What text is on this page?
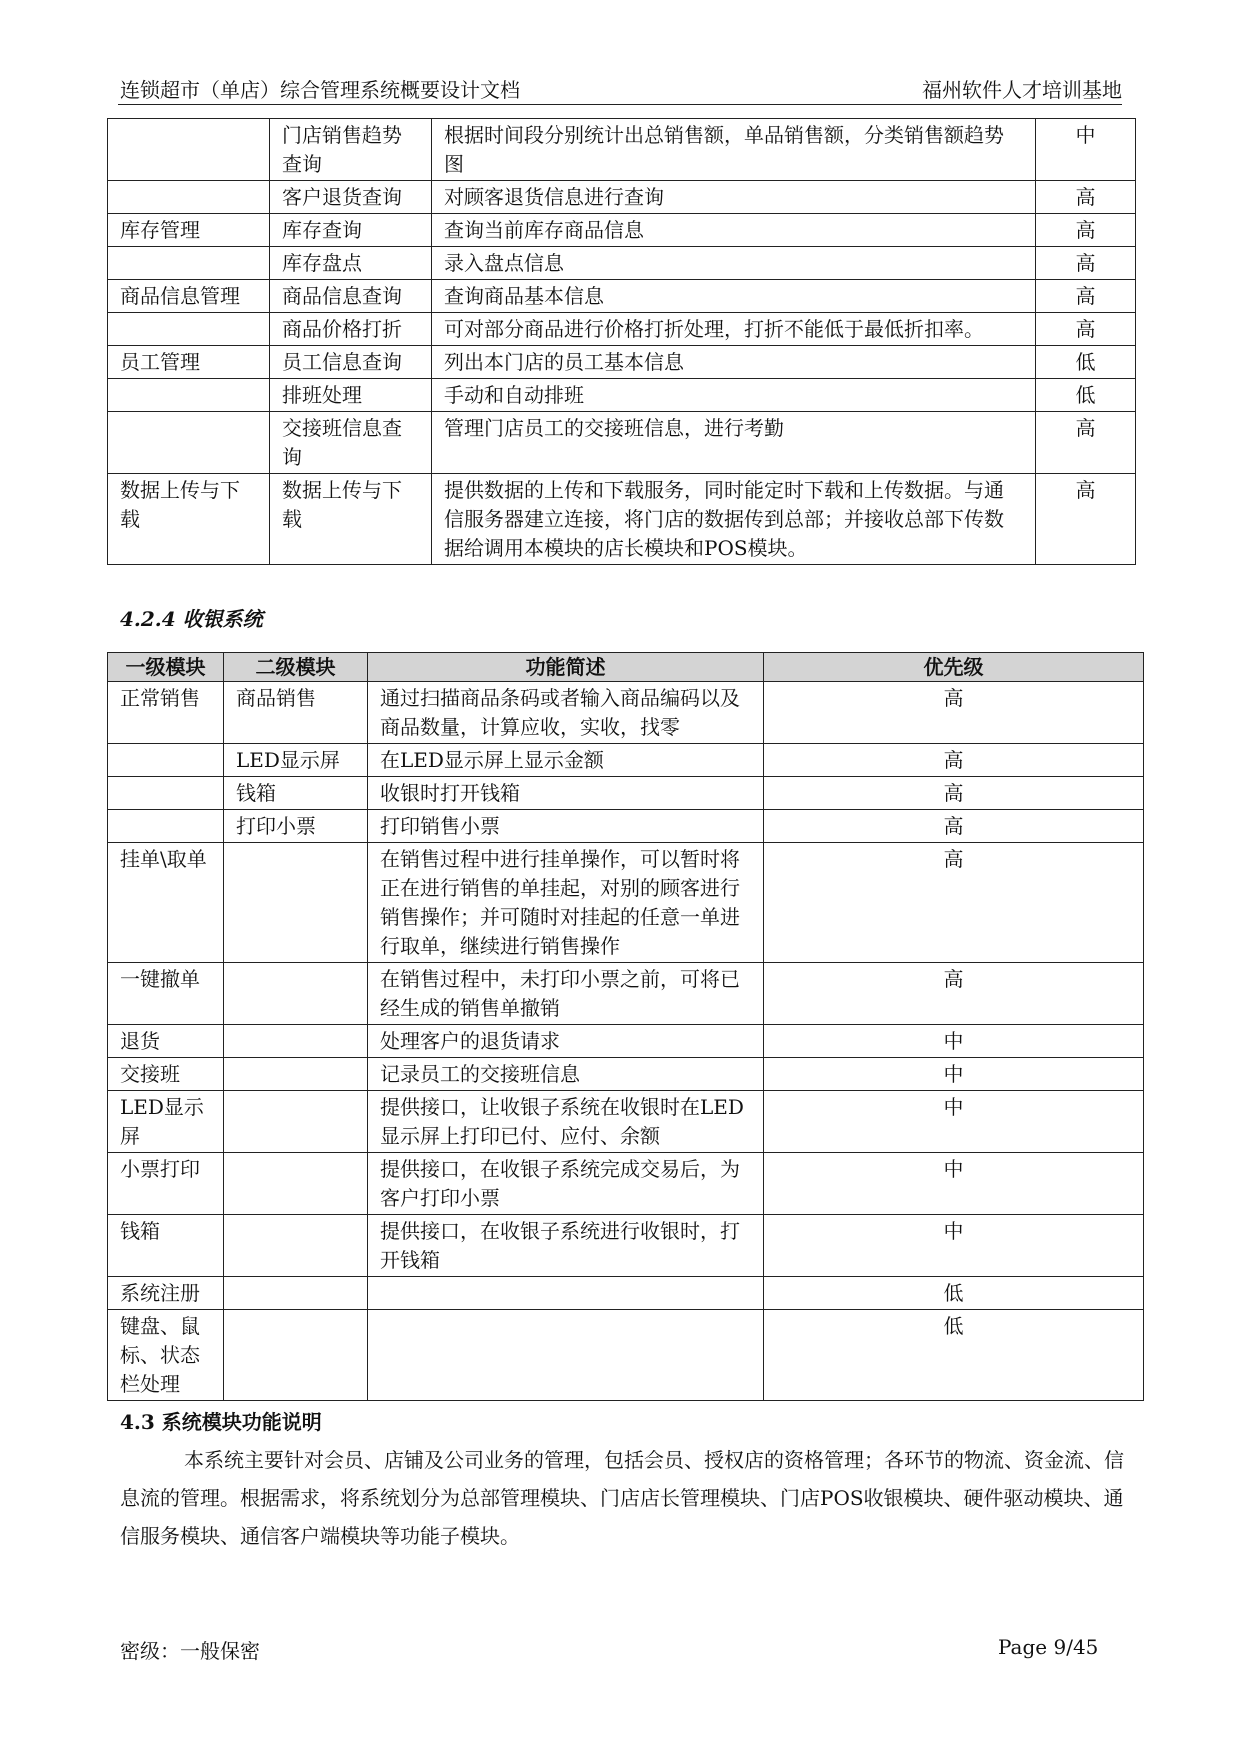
连锁超市（单店）综合管理系统概要设计文档	福州软件人才培训基地
	门店销售趋势查询	根据时间段分别统计出总销售额，单品销售额，分类销售额趋势图	中
	客户退货查询	对顾客退货信息进行查询	高
库存管理	库存查询	查询当前库存商品信息	高
	库存盘点	录入盘点信息	高
商品信息管理	商品信息查询	查询商品基本信息	高
	商品价格打折	可对部分商品进行价格打折处理，打折不能低于最低折扣率。	高
员工管理	员工信息查询	列出本门店的员工基本信息	低
	排班处理	手动和自动排班	低
	交接班信息查询	管理门店员工的交接班信息，进行考勤	高
数据上传与下载	数据上传与下载	提供数据的上传和下载服务，同时能定时下载和上传数据。与通信服务器建立连接，将门店的数据传到总部；并接收总部下传数据给调用本模块的店长模块和POS模块。	高
4.2.4 收银系统
一级模块	二级模块	功能简述	优先级
正常销售	商品销售	通过扫描商品条码或者输入商品编码以及商品数量，计算应收，实收，找零	高
	LED显示屏	在LED显示屏上显示金额	高
	钱箱	收银时打开钱箱	高
	打印小票	打印销售小票	高
挂单\取单		在销售过程中进行挂单操作，可以暂时将正在进行销售的单挂起，对别的顾客进行销售操作；并可随时对挂起的任意一单进行取单，继续进行销售操作	高
一键撤单		在销售过程中，未打印小票之前，可将已经生成的销售单撤销	高
退货		处理客户的退货请求	中
交接班		记录员工的交接班信息	中
LED显示屏		提供接口，让收银子系统在收银时在LED显示屏上打印已付、应付、余额	中
小票打印		提供接口，在收银子系统完成交易后，为客户打印小票	中
钱箱		提供接口，在收银子系统进行收银时，打开钱箱	中
系统注册			低
键盘、鼠标、状态栏处理			低
4.3 系统模块功能说明

本系统主要针对会员、店铺及公司业务的管理，包括会员、授权店的资格管理；各环节的物流、资金流、信息流的管理。根据需求，将系统划分为总部管理模块、门店店长管理模块、门店POS收银模块、硬件驱动模块、通信服务模块、通信客户端模块等功能子模块。

密级：一般保密	Page 9/45
